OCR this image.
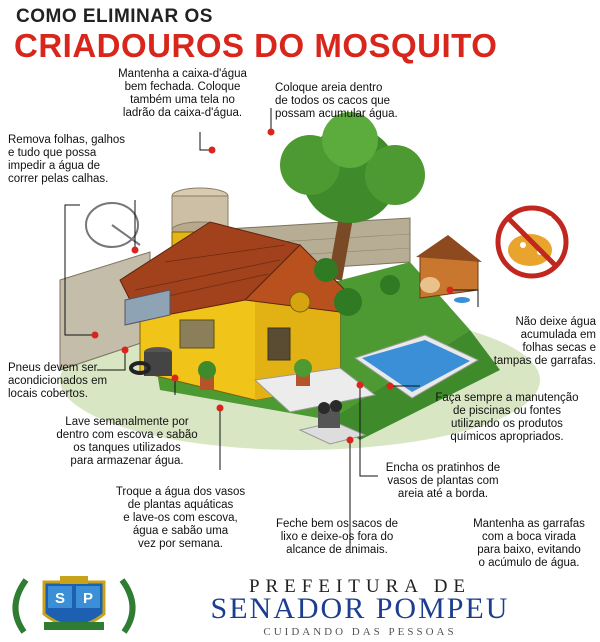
COMO ELIMINAR OS
CRIADOUROS DO MOSQUITO
Mantenha a caixa-d'água
bem fechada. Coloque
também uma tela no
ladrão da caixa-d'água.
Coloque areia dentro
de todos os cacos que
possam acumular água.
Remova folhas, galhos
e tudo que possa
impedir a água de
correr pelas calhas.
Não deixe água
acumulada em
folhas secas e
tampas de garrafas.
Pneus devem ser
acondicionados em
locais cobertos.	Faça sempre a manutenção
de piscinas ou fontes
utilizando os produtos
químicos apropriados.
Lave semanalmente por
dentro com escova e sabão
os tanques utilizados
para armazenar água.
Encha os pratinhos de
vasos de plantas com
areia até a borda.
Troque a água dos vasos
de plantas aquáticas
e lave-os com escova,
água e sabão uma
vez por semana.
Feche bem os sacos de
lixo e deixe-os fora do
alcance de animais.
Mantenha as garrafas
com a boca virada
para baixo, evitando
o acúmulo de água.
S P
PREFEITURA DE
SENADOR POMPEU
CUIDANDO DAS PESSOAS
